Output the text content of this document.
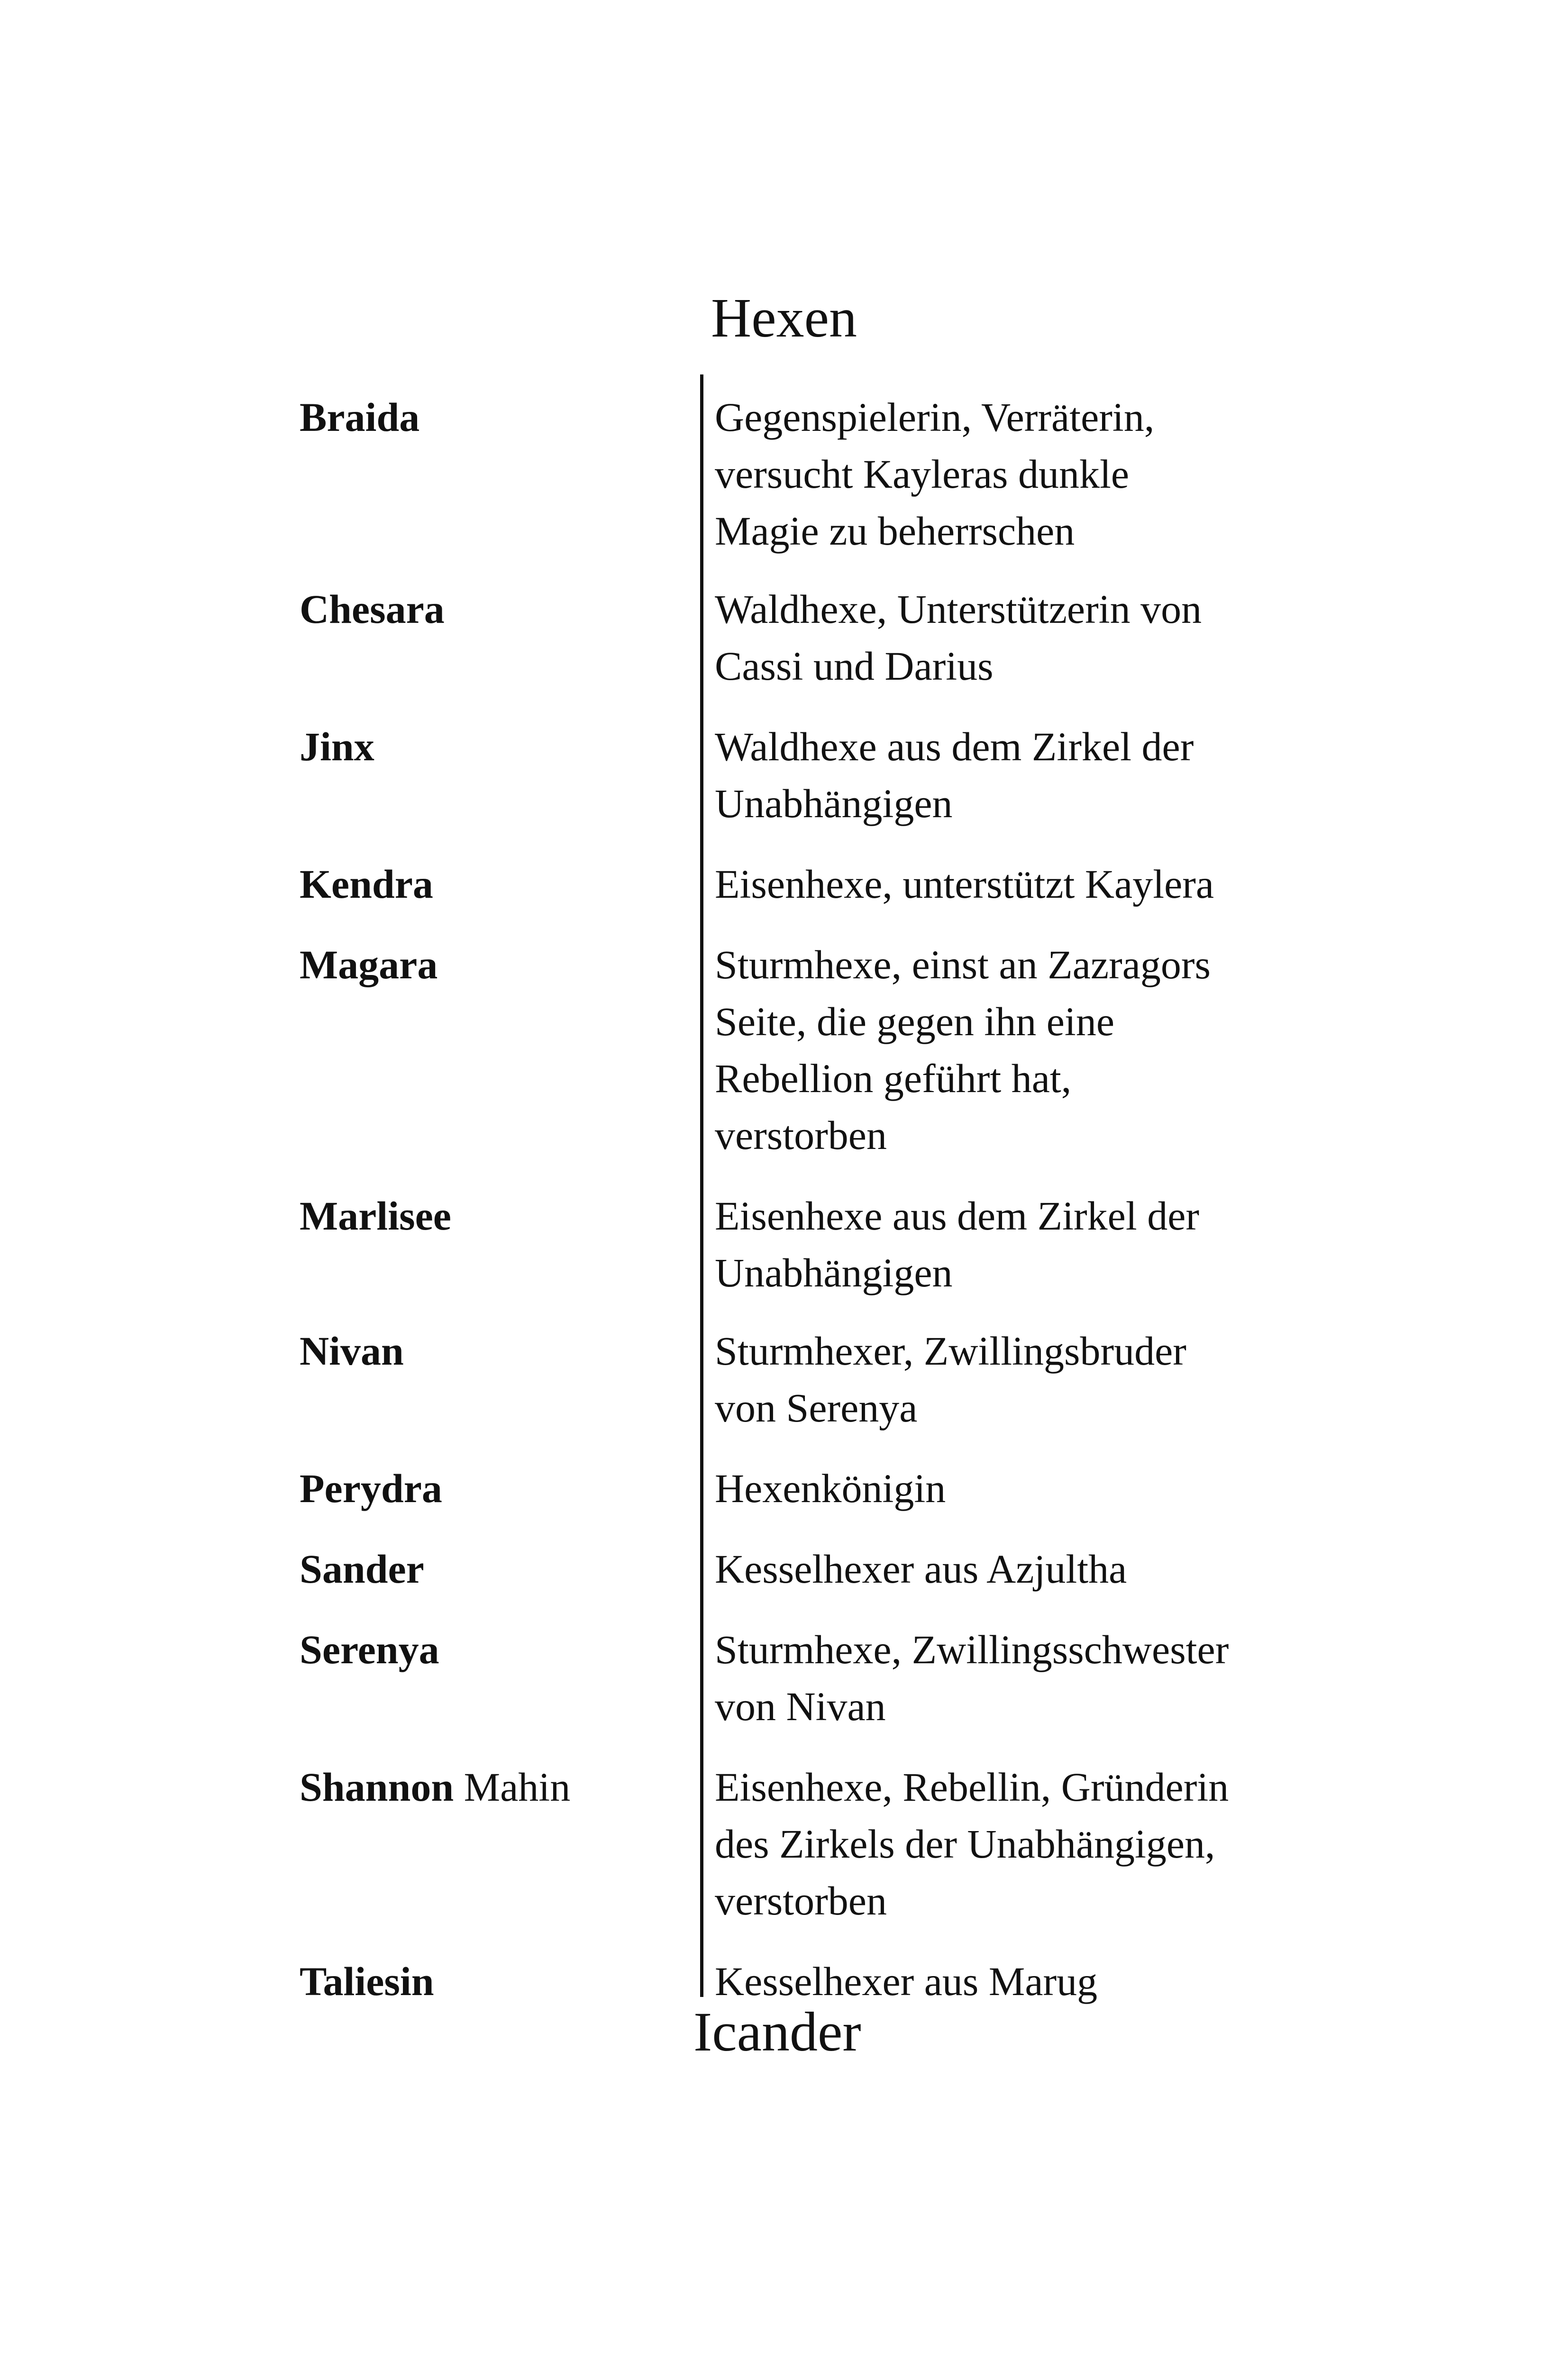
Hexen
Braida	Gegenspielerin, Verräterin,
versucht Kayleras dunkle
Magie zu beherrschen
Chesara	Waldhexe, Unterstützerin von
Cassi und Darius
Jinx	Waldhexe aus dem Zirkel der
Unabhängigen
Kendra	Eisenhexe, unterstützt Kaylera
Magara	Sturmhexe, einst an Zazragors
Seite, die gegen ihn eine
Rebellion geführt hat,
verstorben
Marlisee	Eisenhexe aus dem Zirkel der
Unabhängigen
Nivan	Sturmhexer, Zwillingsbruder
von Serenya
Perydra	Hexenkönigin
Sander	Kesselhexer aus Azjultha
Serenya	Sturmhexe, Zwillingsschwester
von Nivan
Shannon Mahin	Eisenhexe, Rebellin, Gründerin
des Zirkels der Unabhängigen,
verstorben
Taliesin	Kesselhexer aus Marug
Icander
